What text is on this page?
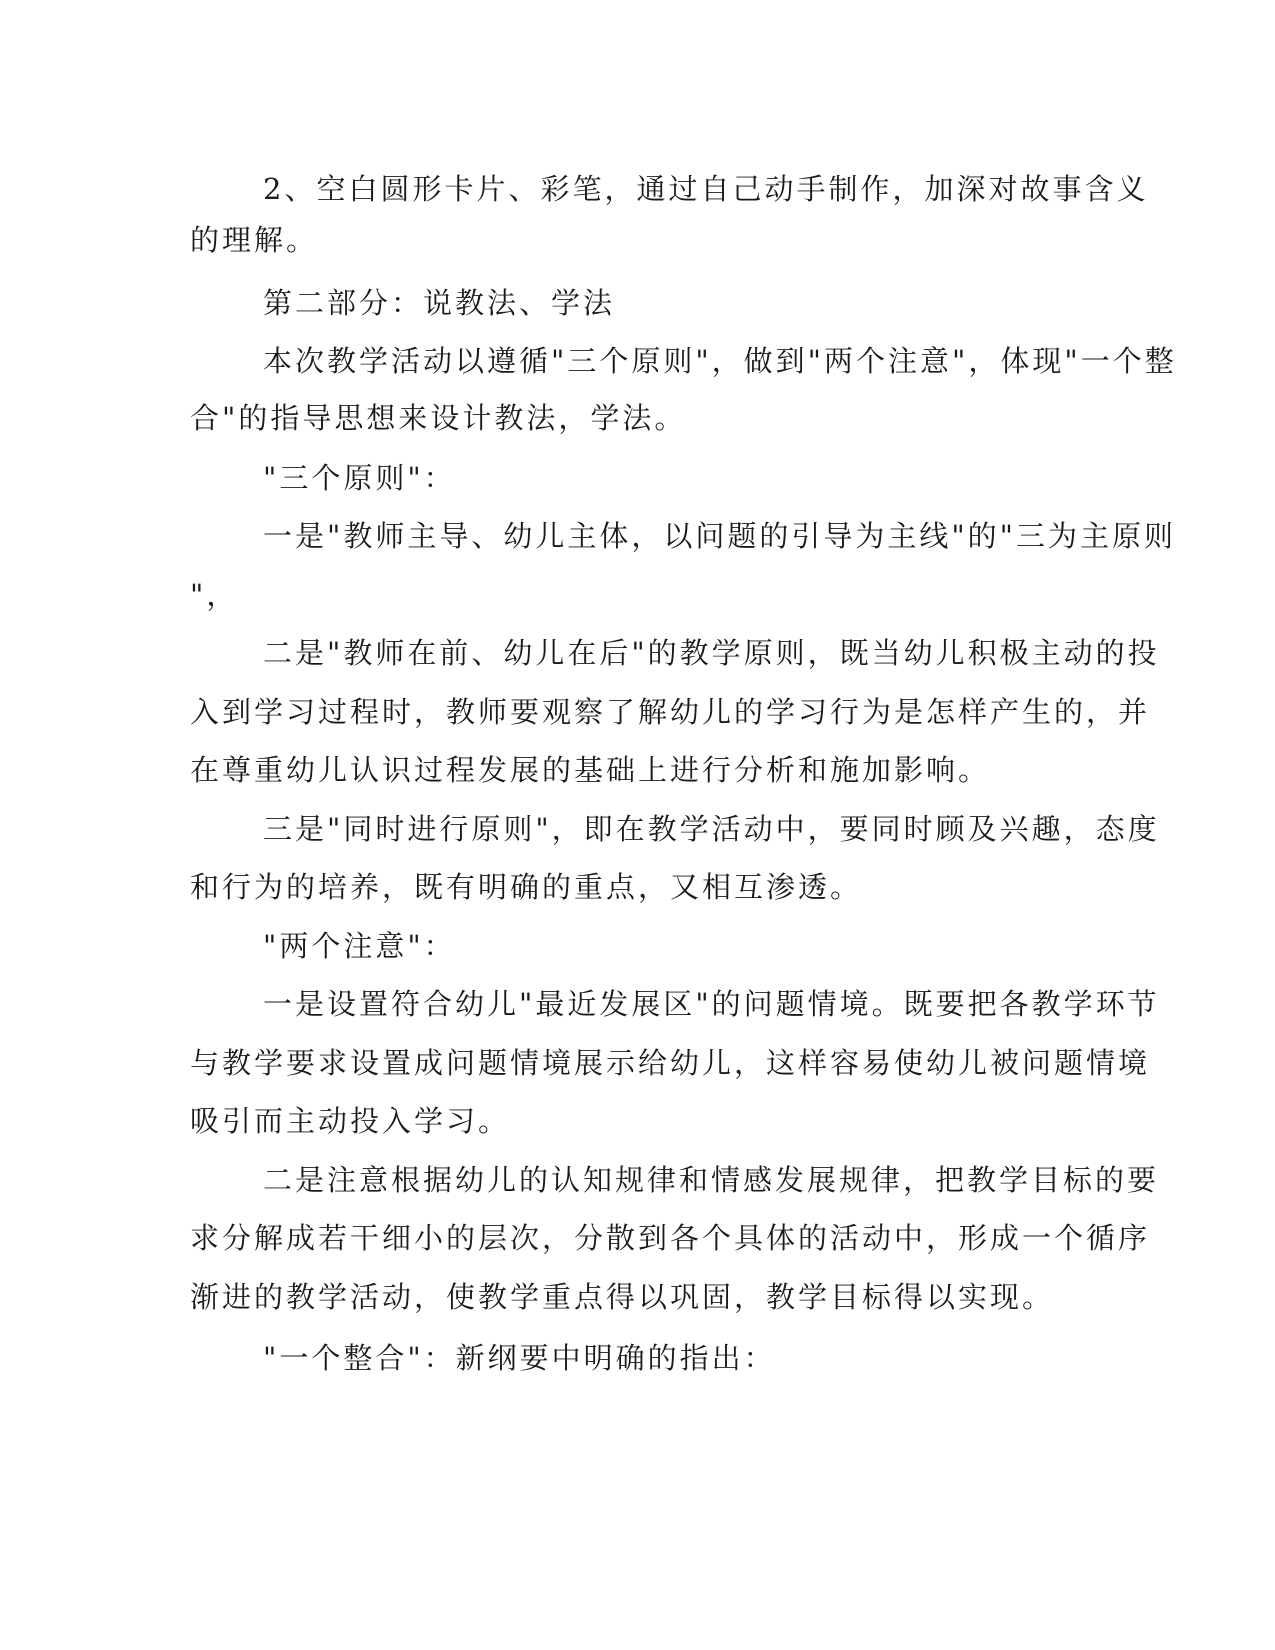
2、空白圆形卡片、彩笔，通过自己动手制作，加深对故事含义
的理解。
第二部分：说教法、学法
本次教学活动以遵循"三个原则"，做到"两个注意"，体现"一个整
合"的指导思想来设计教法，学法。
"三个原则"：
一是"教师主导、幼儿主体，以问题的引导为主线"的"三为主原则
"，
二是"教师在前、幼儿在后"的教学原则，既当幼儿积极主动的投
入到学习过程时，教师要观察了解幼儿的学习行为是怎样产生的，并
在尊重幼儿认识过程发展的基础上进行分析和施加影响。
三是"同时进行原则"，即在教学活动中，要同时顾及兴趣，态度
和行为的培养，既有明确的重点，又相互渗透。
"两个注意"：
一是设置符合幼儿"最近发展区"的问题情境。既要把各教学环节
与教学要求设置成问题情境展示给幼儿，这样容易使幼儿被问题情境
吸引而主动投入学习。
二是注意根据幼儿的认知规律和情感发展规律，把教学目标的要
求分解成若干细小的层次，分散到各个具体的活动中，形成一个循序
渐进的教学活动，使教学重点得以巩固，教学目标得以实现。
"一个整合"：新纲要中明确的指出：
